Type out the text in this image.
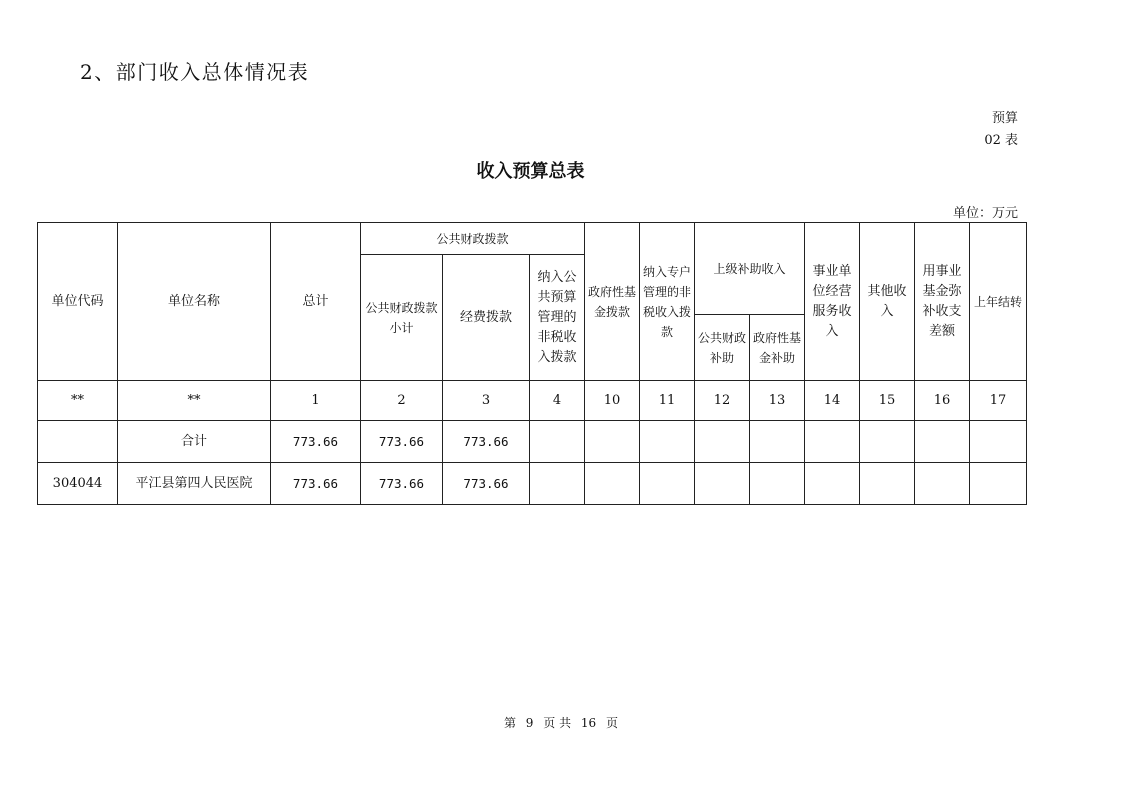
2、部门收入总体情况表
预算
02 表
收入预算总表
单位：万元
单位代码	单位名称	总计	公共财政拨款			政府性基金拨款	纳入专户管理的非税收入拨款	上级补助收入		事业单位经营服务收入	其他收入	用事业基金弥补收支差额	上年结转
			公共财政拨款小计	经费拨款	纳入公共预算管理的非税收入拨款								
								公共财政补助	政府性基金补助				
**	**	1	2	3	4	10	11	12	13	14	15	16	17
	合计	773.66	773.66	773.66									
304044	平江县第四人民医院	773.66	773.66	773.66									
第 9 页 共 16 页
